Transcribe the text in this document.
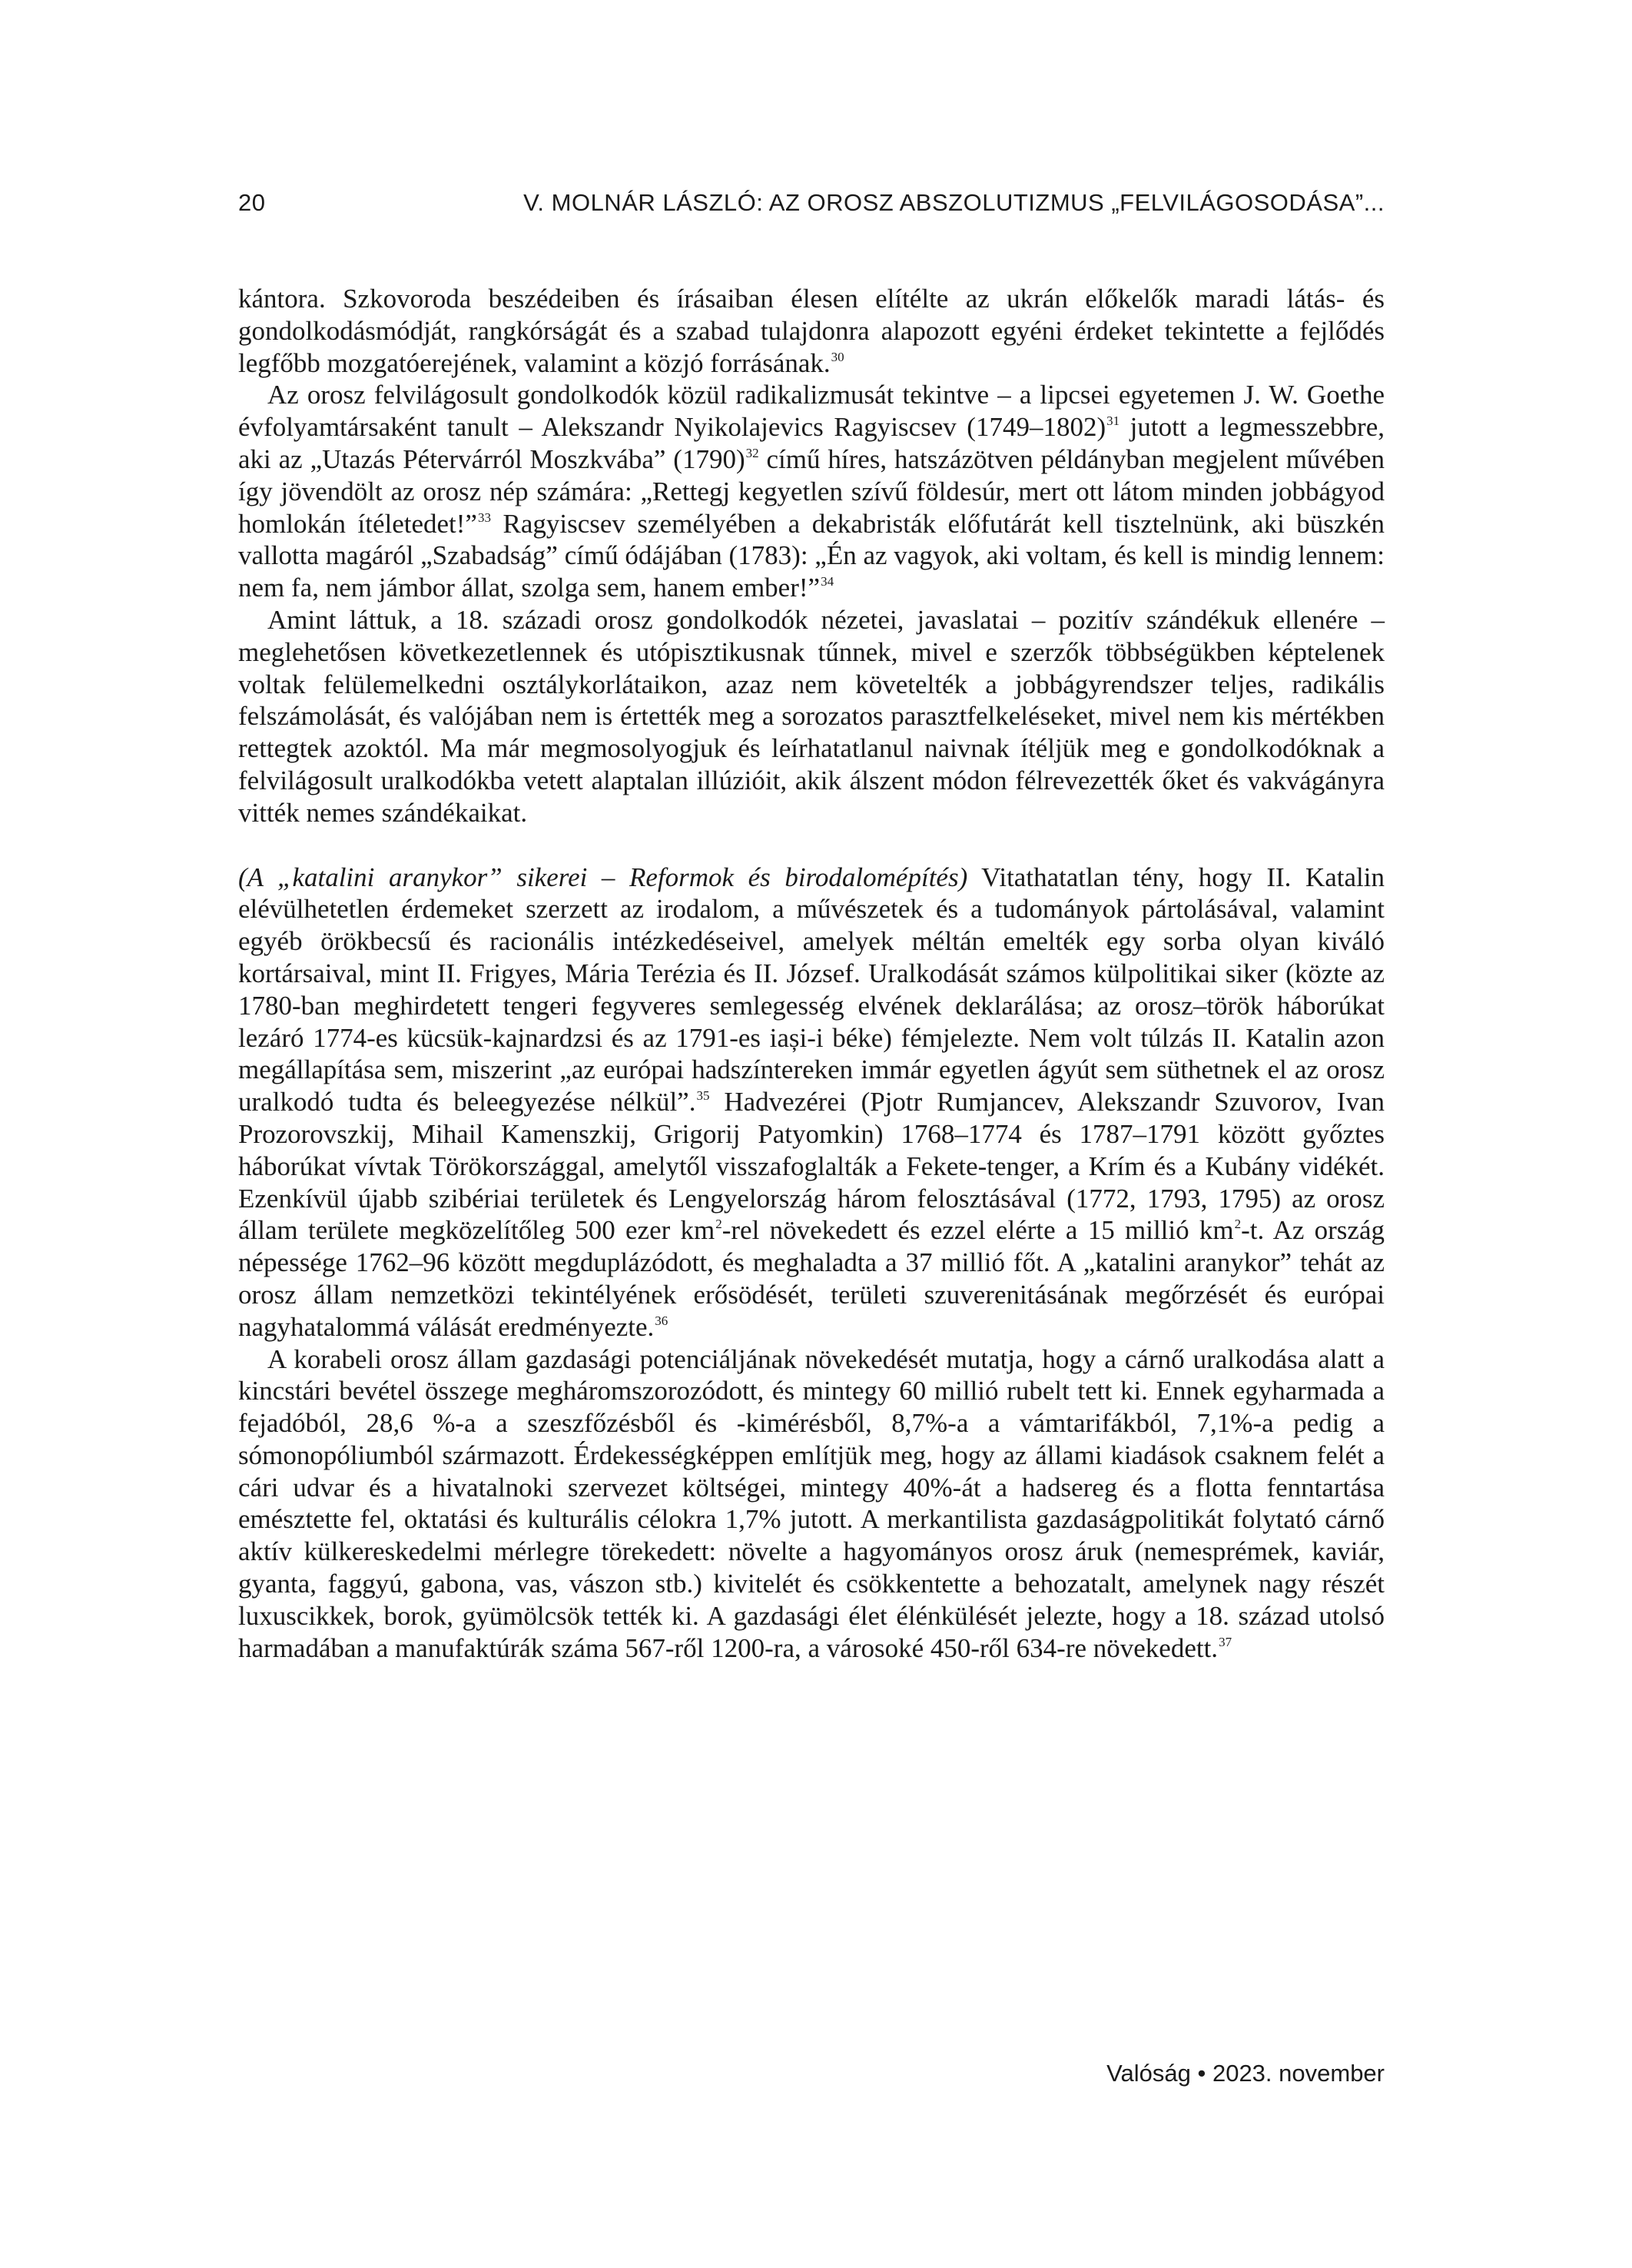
20	V. MOLNÁR LÁSZLÓ: AZ OROSZ ABSZOLUTIZMUS „FELVILÁGOSODÁSA”...

kántora. Szkovoroda beszédeiben és írásaiban élesen elítélte az ukrán előkelők maradi látás- és gondolkodásmódját, rangkórságát és a szabad tulajdonra alapozott egyéni érdeket tekintette a fejlődés legfőbb mozgatóerejének, valamint a közjó forrásának.$^{30}$

Az orosz felvilágosult gondolkodók közül radikalizmusát tekintve – a lipcsei egyetemen J. W. Goethe évfolyamtársaként tanult – Alekszandr Nyikolajevics Ragyiscsev (1749–1802)$^{31}$ jutott a legmesszebbre, aki az „Utazás Pétervárról Moszkvába” (1790)$^{32}$ című híres, hatszázötven példányban megjelent művében így jövendölt az orosz nép számára: „Rettegj kegyetlen szívű földesúr, mert ott látom minden jobbágyod homlokán ítéletedet!”$^{33}$ Ragyiscsev személyében a dekabristák előfutárát kell tisztelnünk, aki büszkén vallotta magáról „Szabadság” című ódájában (1783): „Én az vagyok, aki voltam, és kell is mindig lennem: nem fa, nem jámbor állat, szolga sem, hanem ember!”$^{34}$

Amint láttuk, a 18. századi orosz gondolkodók nézetei, javaslatai – pozitív szándékuk ellenére – meglehetősen következetlennek és utópisztikusnak tűnnek, mivel e szerzők többségükben képtelenek voltak felülemelkedni osztálykorlátaikon, azaz nem követelték a jobbágyrendszer teljes, radikális felszámolását, és valójában nem is értették meg a sorozatos parasztfelkeléseket, mivel nem kis mértékben rettegtek azoktól. Ma már megmosolyogjuk és leírhatatlanul naivnak ítéljük meg e gondolkodóknak a felvilágosult uralkodókba vetett alaptalan illúzióit, akik álszent módon félrevezették őket és vakvágányra vitték nemes szándékaikat.

(A „katalini aranykor” sikerei – Reformok és birodalomépítés) Vitathatatlan tény, hogy II. Katalin elévülhetetlen érdemeket szerzett az irodalom, a művészetek és a tudományok pártolásával, valamint egyéb örökbecsű és racionális intézkedéseivel, amelyek méltán emelték egy sorba olyan kiváló kortársaival, mint II. Frigyes, Mária Terézia és II. József. Uralkodását számos külpolitikai siker (közte az 1780-ban meghirdetett tengeri fegyveres semlegesség elvének deklarálása; az orosz–török háborúkat lezáró 1774-es kücsük-kajnardzsi és az 1791-es iași-i béke) fémjelezte. Nem volt túlzás II. Katalin azon megállapítása sem, miszerint „az európai hadszíntereken immár egyetlen ágyút sem süthetnek el az orosz uralkodó tudta és beleegyezése nélkül”.$^{35}$ Hadvezérei (Pjotr Rumjancev, Alekszandr Szuvorov, Ivan Prozorovszkij, Mihail Kamenszkij, Grigorij Patyomkin) 1768–1774 és 1787–1791 között győztes háborúkat vívtak Törökországgal, amelytől visszafoglalták a Fekete-tenger, a Krím és a Kubány vidékét. Ezenkívül újabb szibériai területek és Lengyelország három felosztásával (1772, 1793, 1795) az orosz állam területe megközelítőleg 500 ezer km$^2$-rel növekedett és ezzel elérte a 15 millió km$^2$-t. Az ország népessége 1762–96 között megduplázódott, és meghaladta a 37 millió főt. A „katalini aranykor” tehát az orosz állam nemzetközi tekintélyének erősödését, területi szuverenitásának megőrzését és európai nagyhatalommá válását eredményezte.$^{36}$

A korabeli orosz állam gazdasági potenciáljának növekedését mutatja, hogy a cárnő uralkodása alatt a kincstári bevétel összege megháromszorozódott, és mintegy 60 millió rubelt tett ki. Ennek egyharmada a fejadóból, 28,6 %-a a szeszfőzésből és -kimérésből, 8,7%-a a vámtarifákból, 7,1%-a pedig a sómonopóliumból származott. Érdekességképpen említjük meg, hogy az állami kiadások csaknem felét a cári udvar és a hivatalnoki szervezet költségei, mintegy 40%-át a hadsereg és a flotta fenntartása emésztette fel, oktatási és kulturális célokra 1,7% jutott. A merkantilista gazdaságpolitikát folytató cárnő aktív külkereskedelmi mérlegre törekedett: növelte a hagyományos orosz áruk (nemesprémek, kaviár, gyanta, faggyú, gabona, vas, vászon stb.) kivitelét és csökkentette a behozatalt, amelynek nagy részét luxuscikkek, borok, gyümölcsök tették ki. A gazdasági élet élénkülését jelezte, hogy a 18. század utolsó harmadában a manufaktúrák száma 567-ről 1200-ra, a városoké 450-ről 634-re növekedett.$^{37}$

Valóság • 2023. november
